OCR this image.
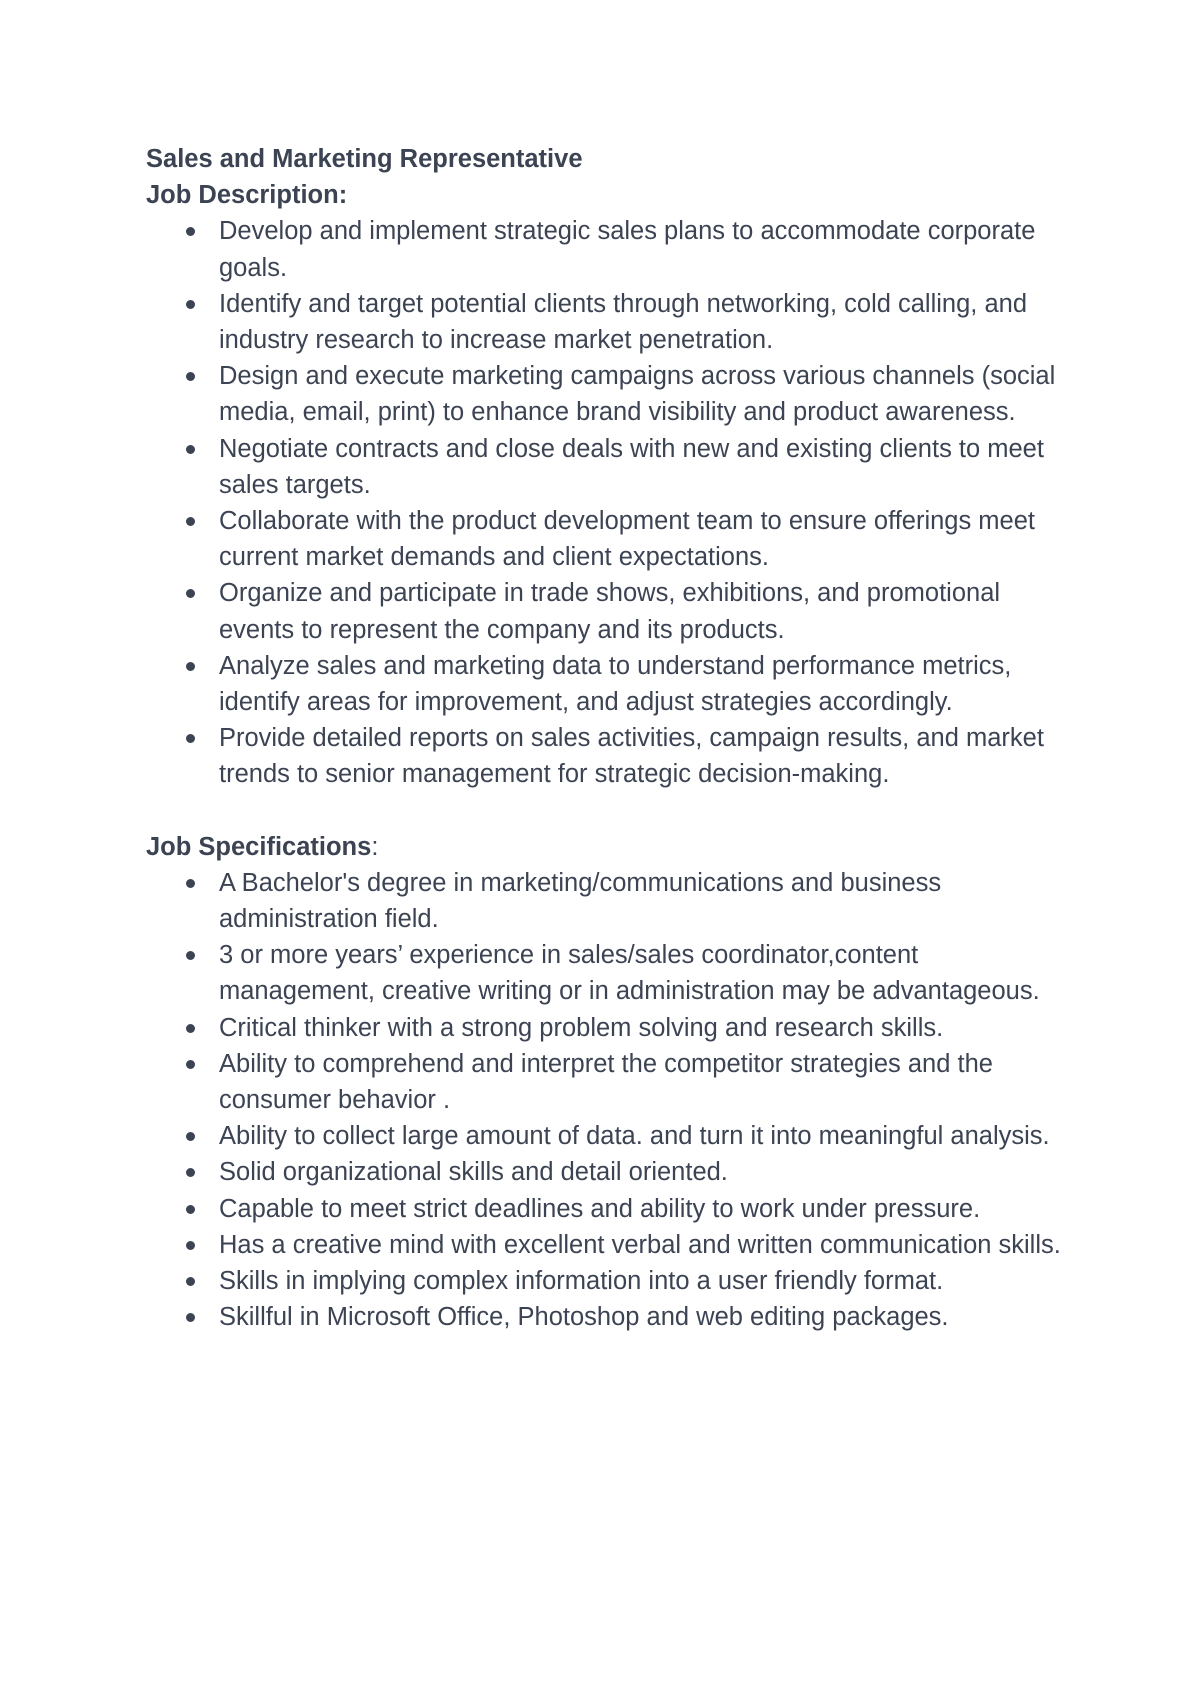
Sales and Marketing Representative
Job Description:
Develop and implement strategic sales plans to accommodate corporate goals.
Identify and target potential clients through networking, cold calling, and industry research to increase market penetration.
Design and execute marketing campaigns across various channels (social media, email, print) to enhance brand visibility and product awareness.
Negotiate contracts and close deals with new and existing clients to meet sales targets.
Collaborate with the product development team to ensure offerings meet current market demands and client expectations.
Organize and participate in trade shows, exhibitions, and promotional events to represent the company and its products.
Analyze sales and marketing data to understand performance metrics, identify areas for improvement, and adjust strategies accordingly.
Provide detailed reports on sales activities, campaign results, and market trends to senior management for strategic decision-making.
Job Specifications:
A Bachelor's degree in marketing/communications and business administration field.
3 or more years’ experience in sales/sales coordinator,content management, creative writing or in administration may be advantageous.
Critical thinker with a strong problem solving and research skills.
Ability to comprehend and interpret the competitor strategies and the consumer behavior .
Ability to collect large amount of data. and turn it into meaningful analysis.
Solid organizational skills and detail oriented.
Capable to meet strict deadlines and ability to work under pressure.
Has a creative mind with excellent verbal and written communication skills.
Skills in implying complex information into a user friendly format.
Skillful in Microsoft Office, Photoshop and web editing packages.
